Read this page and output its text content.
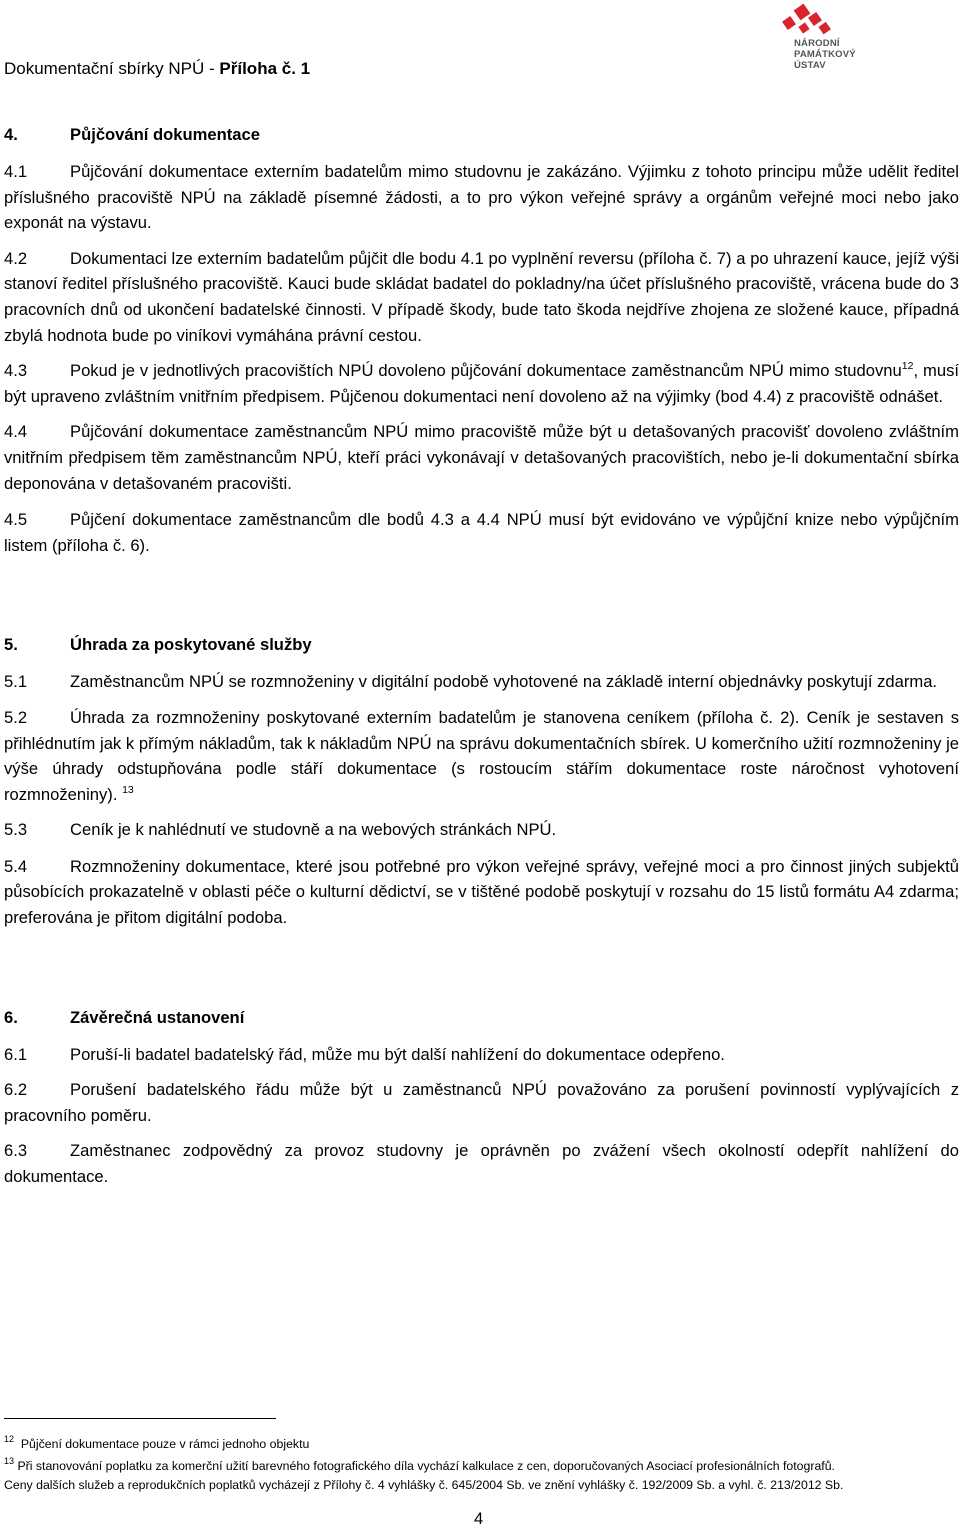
Dokumentační sbírky NPÚ - Příloha č. 1
NÁRODNÍ
PAMÁTKOVÝ
ÚSTAV

4.	Půjčování dokumentace

4.1	Půjčování dokumentace externím badatelům mimo studovnu je zakázáno. Výjimku z tohoto principu může udělit ředitel příslušného pracoviště NPÚ na základě písemné žádosti, a to pro výkon veřejné správy a orgánům veřejné moci nebo jako exponát na výstavu.

4.2	Dokumentaci lze externím badatelům půjčit dle bodu 4.1 po vyplnění reversu (příloha č. 7) a po uhrazení kauce, jejíž výši stanoví ředitel příslušného pracoviště. Kauci bude skládat badatel do pokladny/na účet příslušného pracoviště, vrácena bude do 3 pracovních dnů od ukončení badatelské činnosti. V případě škody, bude tato škoda nejdříve zhojena ze složené kauce, případná zbylá hodnota bude po viníkovi vymáhána právní cestou.

4.3	Pokud je v jednotlivých pracovištích NPÚ dovoleno půjčování dokumentace zaměstnancům NPÚ mimo studovnu$^{12}$, musí být upraveno zvláštním vnitřním předpisem. Půjčenou dokumentaci není dovoleno až na výjimky (bod 4.4) z pracoviště odnášet.

4.4	Půjčování dokumentace zaměstnancům NPÚ mimo pracoviště může být u detašovaných pracovišť dovoleno zvláštním vnitřním předpisem těm zaměstnancům NPÚ, kteří práci vykonávají v detašovaných pracovištích, nebo je-li dokumentační sbírka deponována v detašovaném pracovišti.

4.5	Půjčení dokumentace zaměstnancům dle bodů 4.3 a 4.4 NPÚ musí být evidováno ve výpůjční knize nebo výpůjčním listem (příloha č. 6).

5.	Úhrada za poskytované služby

5.1	Zaměstnancům NPÚ se rozmnoženiny v digitální podobě vyhotovené na základě interní objednávky poskytují zdarma.

5.2	Úhrada za rozmnoženiny poskytované externím badatelům je stanovena ceníkem (příloha č. 2). Ceník je sestaven s přihlédnutím jak k přímým nákladům, tak k nákladům NPÚ na správu dokumentačních sbírek. U komerčního užití rozmnoženiny je výše úhrady odstupňována podle stáří dokumentace (s rostoucím stářím dokumentace roste náročnost vyhotovení rozmnoženiny). $^{13}$

5.3	Ceník je k nahlédnutí ve studovně a na webových stránkách NPÚ.

5.4	Rozmnoženiny dokumentace, které jsou potřebné pro výkon veřejné správy, veřejné moci a pro činnost jiných subjektů působících prokazatelně v oblasti péče o kulturní dědictví, se v tištěné podobě poskytují v rozsahu do 15 listů formátu A4 zdarma; preferována je přitom digitální podoba.

6.	Závěrečná ustanovení

6.1	Poruší-li badatel badatelský řád, může mu být další nahlížení do dokumentace odepřeno.

6.2	Porušení badatelského řádu může být u zaměstnanců NPÚ považováno za porušení povinností vyplývajících z pracovního poměru.

6.3	Zaměstnanec zodpovědný za provoz studovny je oprávněn po zvážení všech okolností odepřít nahlížení do dokumentace.

$^{12}$ Půjčení dokumentace pouze v rámci jednoho objektu
$^{13}$ Při stanovování poplatku za komerční užití barevného fotografického díla vychází kalkulace z cen, doporučovaných Asociací profesionálních fotografů.
Ceny dalších služeb a reprodukčních poplatků vycházejí z Přílohy č. 4 vyhlášky č. 645/2004 Sb. ve znění vyhlášky č. 192/2009 Sb. a vyhl. č. 213/2012 Sb.
4
